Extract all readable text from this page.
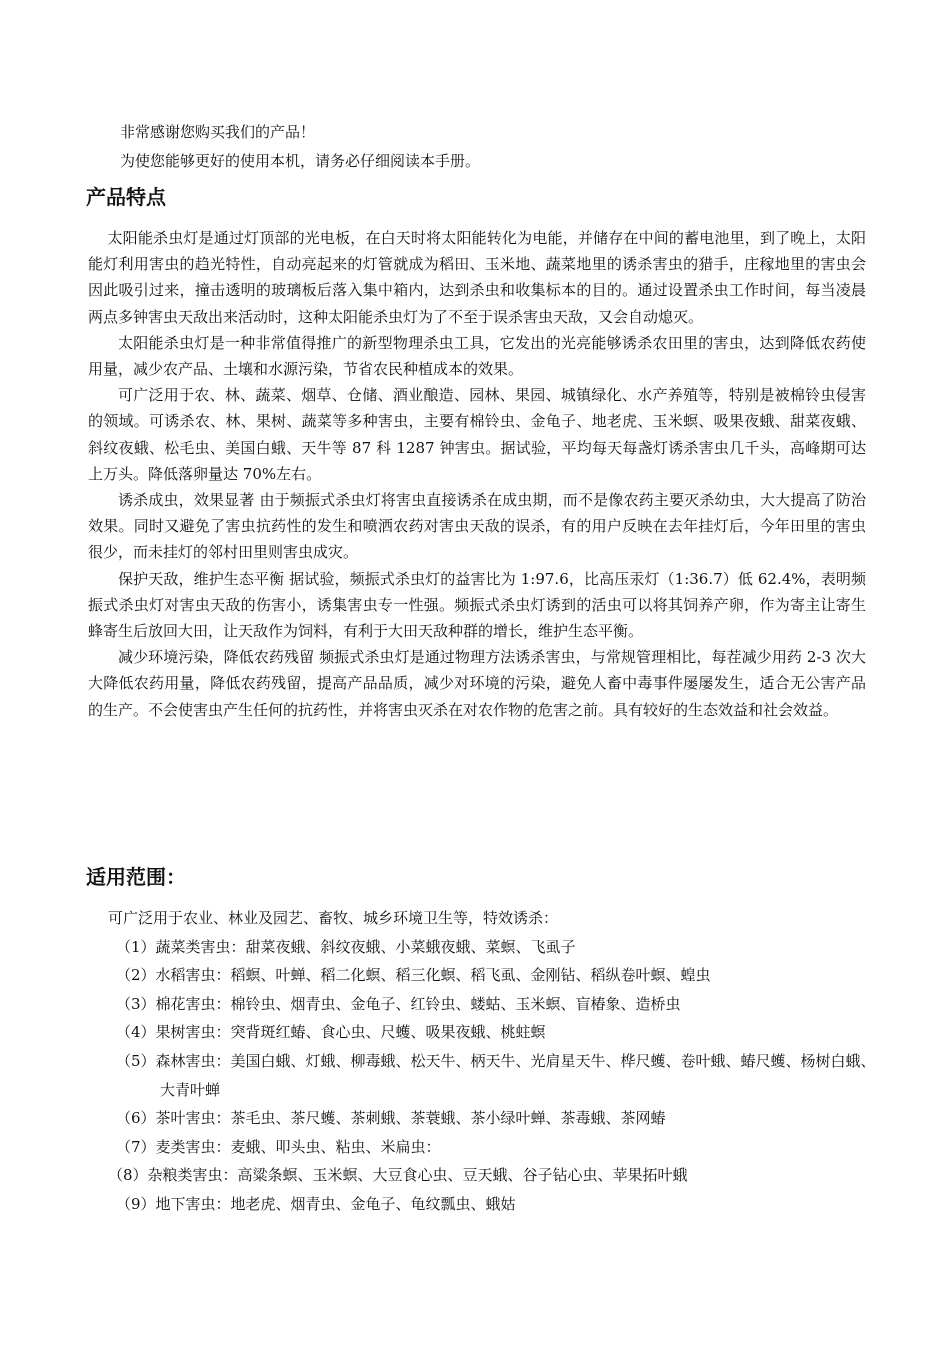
非常感谢您购买我们的产品！

为使您能够更好的使用本机，请务必仔细阅读本手册。

产品特点

太阳能杀虫灯是通过灯顶部的光电板，在白天时将太阳能转化为电能，并储存在中间的蓄电池里，到了晚上，太阳能灯利用害虫的趋光特性，自动亮起来的灯管就成为稻田、玉米地、蔬菜地里的诱杀害虫的猎手，庄稼地里的害虫会因此吸引过来，撞击透明的玻璃板后落入集中箱内，达到杀虫和收集标本的目的。通过设置杀虫工作时间，每当凌晨两点多钟害虫天敌出来活动时，这种太阳能杀虫灯为了不至于误杀害虫天敌，又会自动熄灭。

太阳能杀虫灯是一种非常值得推广的新型物理杀虫工具，它发出的光亮能够诱杀农田里的害虫，达到降低农药使用量，减少农产品、土壤和水源污染，节省农民种植成本的效果。

可广泛用于农、林、蔬菜、烟草、仓储、酒业酿造、园林、果园、城镇绿化、水产养殖等，特别是被棉铃虫侵害的领域。可诱杀农、林、果树、蔬菜等多种害虫，主要有棉铃虫、金龟子、地老虎、玉米螟、吸果夜蛾、甜菜夜蛾、斜纹夜蛾、松毛虫、美国白蛾、天牛等 87 科 1287 钟害虫。据试验，平均每天每盏灯诱杀害虫几千头，高峰期可达上万头。降低落卵量达 70%左右。

诱杀成虫，效果显著 由于频振式杀虫灯将害虫直接诱杀在成虫期，而不是像农药主要灭杀幼虫，大大提高了防治效果。同时又避免了害虫抗药性的发生和喷洒农药对害虫天敌的误杀，有的用户反映在去年挂灯后，今年田里的害虫很少，而未挂灯的邻村田里则害虫成灾。

保护天敌，维护生态平衡 据试验，频振式杀虫灯的益害比为 1:97.6，比高压汞灯（1:36.7）低 62.4%，表明频振式杀虫灯对害虫天敌的伤害小，诱集害虫专一性强。频振式杀虫灯诱到的活虫可以将其饲养产卵，作为寄主让寄生蜂寄生后放回大田，让天敌作为饲料，有利于大田天敌种群的增长，维护生态平衡。

减少环境污染，降低农药残留 频振式杀虫灯是通过物理方法诱杀害虫，与常规管理相比，每茬减少用药 2-3 次大大降低农药用量，降低农药残留，提高产品品质，减少对环境的污染，避免人畜中毒事件屡屡发生，适合无公害产品的生产。不会使害虫产生任何的抗药性，并将害虫灭杀在对农作物的危害之前。具有较好的生态效益和社会效益。

适用范围：

可广泛用于农业、林业及园艺、畜牧、城乡环境卫生等，特效诱杀：

（1）蔬菜类害虫：甜菜夜蛾、斜纹夜蛾、小菜蛾夜蛾、菜螟、飞虱子
（2）水稻害虫：稻螟、叶蝉、稻二化螟、稻三化螟、稻飞虱、金刚钻、稻纵卷叶螟、蝗虫
（3）棉花害虫：棉铃虫、烟青虫、金龟子、红铃虫、蝼蛄、玉米螟、盲椿象、造桥虫
（4）果树害虫：突背斑红蝽、食心虫、尺蠖、吸果夜蛾、桃蛀螟
（5）森林害虫：美国白蛾、灯蛾、柳毒蛾、松天牛、柄天牛、光肩星天牛、桦尺蠖、卷叶蛾、蝽尺蠖、杨树白蛾、大青叶蝉
（6）茶叶害虫：茶毛虫、茶尺蠖、茶刺蛾、茶蓑蛾、茶小绿叶蝉、茶毒蛾、茶网蝽
（7）麦类害虫：麦蛾、叩头虫、粘虫、米扁虫：
（8）杂粮类害虫：高粱条螟、玉米螟、大豆食心虫、豆天蛾、谷子钻心虫、苹果拓叶蛾
（9）地下害虫：地老虎、烟青虫、金龟子、龟纹瓢虫、蛾姑
